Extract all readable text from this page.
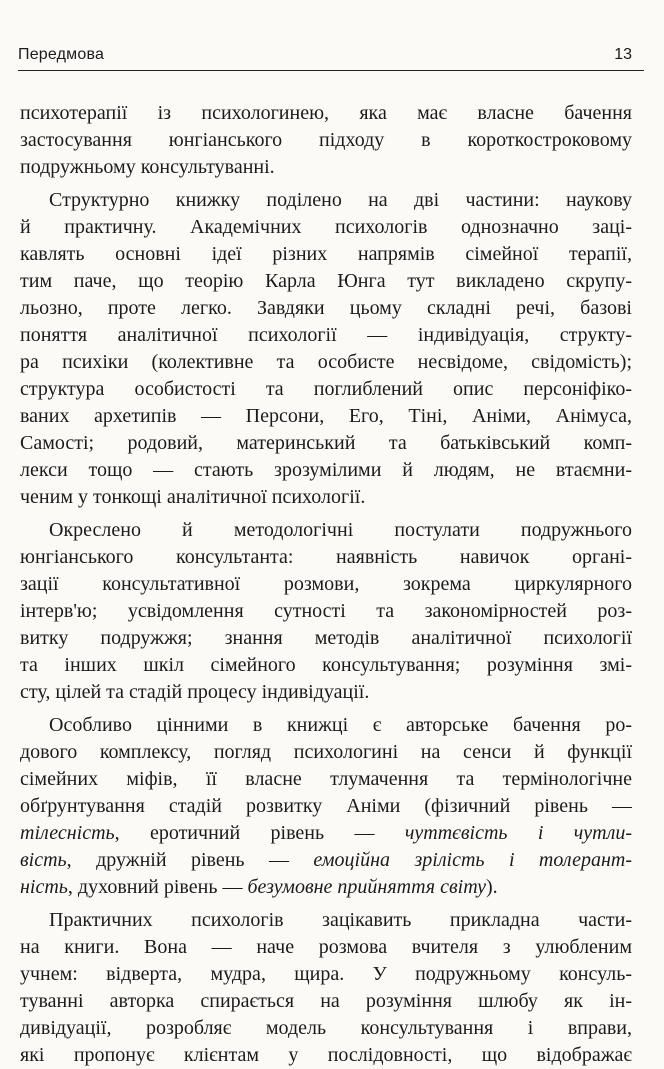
Передмова	13
психотерапії із психологинею, яка має власне бачення
застосування юнгіанського підходу в короткостроковому
подружньому консультуванні.
Структурно книжку поділено на дві частини: наукову
й практичну. Академічних психологів однозначно заці-
кавлять основні ідеї різних напрямів сімейної терапії,
тим паче, що теорію Карла Юнга тут викладено скрупу-
льозно, проте легко. Завдяки цьому складні речі, базові
поняття аналітичної психології — індивідуація, структу-
ра психіки (колективне та особисте несвідоме, свідомість);
структура особистості та поглиблений опис персоніфіко-
ваних архетипів — Персони, Его, Тіні, Аніми, Анімуса,
Самості; родовий, материнський та батьківський комп-
лекси тощо — стають зрозумілими й людям, не втаємни-
ченим у тонкощі аналітичної психології.
Окреслено й методологічні постулати подружнього
юнгіанського консультанта: наявність навичок органі-
зації консультативної розмови, зокрема циркулярного
інтерв'ю; усвідомлення сутності та закономірностей роз-
витку подружжя; знання методів аналітичної психології
та інших шкіл сімейного консультування; розуміння змі-
сту, цілей та стадій процесу індивідуації.
Особливо цінними в книжці є авторське бачення ро-
дового комплексу, погляд психологині на сенси й функції
сімейних міфів, її власне тлумачення та термінологічне
обґрунтування стадій розвитку Аніми (фізичний рівень —
тілесність, еротичний рівень — чуттєвість і чутли-
вість, дружній рівень — емоційна зрілість і толерант-
ність, духовний рівень — безумовне прийняття світу).
Практичних психологів зацікавить прикладна части-
на книги. Вона — наче розмова вчителя з улюбленим
учнем: відверта, мудра, щира. У подружньому консуль-
туванні авторка спирається на розуміння шлюбу як ін-
дивідуації, розробляє модель консультування і вправи,
які пропонує клієнтам у послідовності, що відображає
